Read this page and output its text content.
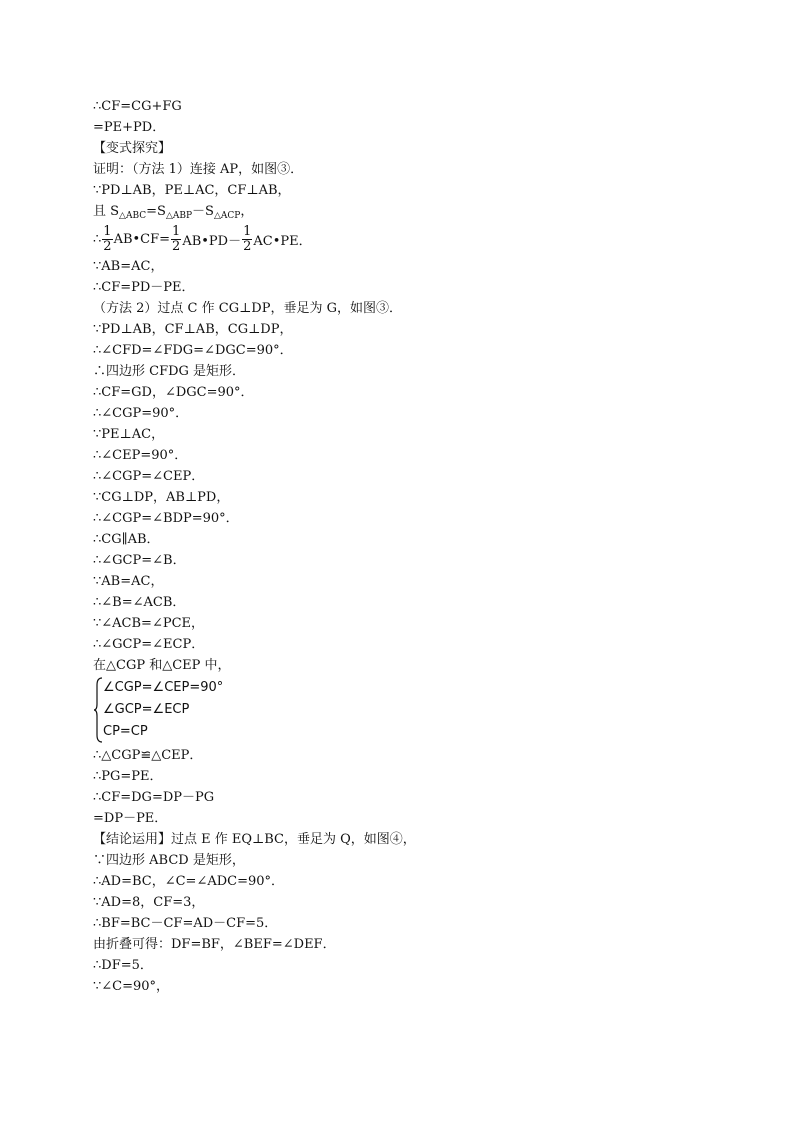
∴CF=CG+FG
=PE+PD．
【变式探究】
证明：（方法 1）连接 AP，如图③．
∵PD⊥AB，PE⊥AC，CF⊥AB，
且 $S_{\triangle ABC}=S_{\triangle ABP}-S_{\triangle ACP}$，
∴ $\frac{1}{2}$ AB•CF= $\frac{1}{2}$ AB•PD－ $\frac{1}{2}$ AC•PE．
∵AB=AC，
∴CF=PD－PE．
（方法 2）过点 C 作 CG⊥DP，垂足为 G，如图③．
∵PD⊥AB，CF⊥AB，CG⊥DP，
∴∠CFD=∠FDG=∠DGC=90°．
∴四边形 CFDG 是矩形．
∴CF=GD，∠DGC=90°．
∴∠CGP=90°．
∵PE⊥AC，
∴∠CEP=90°．
∴∠CGP=∠CEP．
∵CG⊥DP，AB⊥PD，
∴∠CGP=∠BDP=90°．
∴CG∥AB．
∴∠GCP=∠B．
∵AB=AC，
∴∠B=∠ACB．
∵∠ACB=∠PCE，
∴∠GCP=∠ECP．
在△CGP 和△CEP 中，
∠CGP=∠CEP=90°
∠GCP=∠ECP
CP=CP
∴△CGP≌△CEP．
∴PG=PE．
∴CF=DG=DP－PG
=DP－PE．
【结论运用】过点 E 作 EQ⊥BC，垂足为 Q，如图④，
∵四边形 ABCD 是矩形，
∴AD=BC，∠C=∠ADC=90°．
∵AD=8，CF=3，
∴BF=BC－CF=AD－CF=5．
由折叠可得：DF=BF，∠BEF=∠DEF．
∴DF=5．
∵∠C=90°，
